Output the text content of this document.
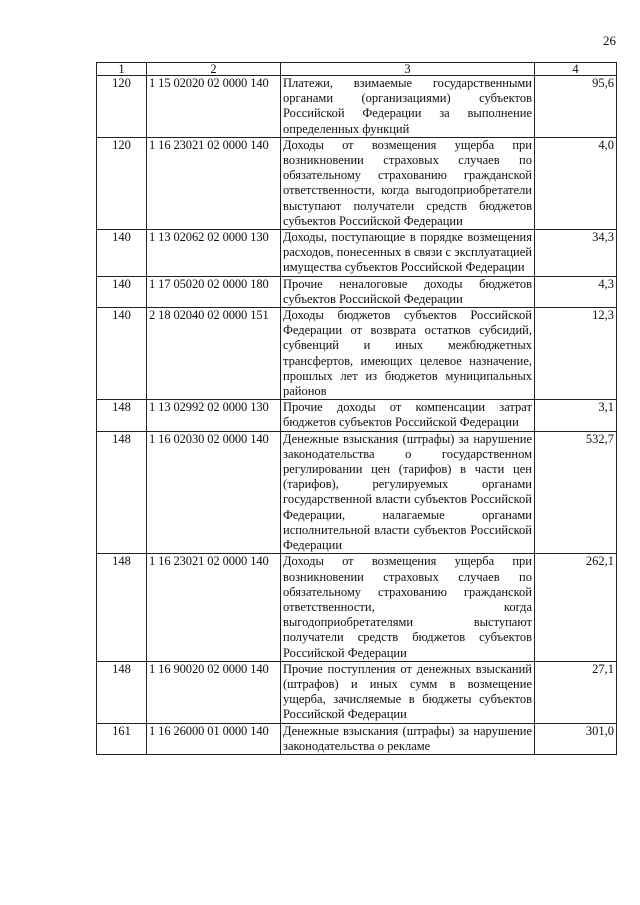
26
1	2	3	4
120	1 15 02020 02 0000 140	Платежи, взимаемые государственными органами (организациями) субъектов Российской Федерации за выполнение определенных функций	95,6
120	1 16 23021 02 0000 140	Доходы от возмещения ущерба при возникновении страховых случаев по обязательному страхованию гражданской ответственности, когда выгодоприобретатели выступают получатели средств бюджетов субъектов Российской Федерации	4,0
140	1 13 02062 02 0000 130	Доходы, поступающие в порядке возмещения расходов, понесенных в связи с эксплуатацией имущества субъектов Российской Федерации	34,3
140	1 17 05020 02 0000 180	Прочие неналоговые доходы бюджетов субъектов Российской Федерации	4,3
140	2 18 02040 02 0000 151	Доходы бюджетов субъектов Российской Федерации от возврата остатков субсидий, субвенций и иных межбюджетных трансфертов, имеющих целевое назначение, прошлых лет из бюджетов муниципальных районов	12,3
148	1 13 02992 02 0000 130	Прочие доходы от компенсации затрат бюджетов субъектов Российской Федерации	3,1
148	1 16 02030 02 0000 140	Денежные взыскания (штрафы) за нарушение законодательства о государственном регулировании цен (тарифов) в части цен (тарифов), регулируемых органами государственной власти субъектов Российской Федерации, налагаемые органами исполнительной власти субъектов Российской Федерации	532,7
148	1 16 23021 02 0000 140	Доходы от возмещения ущерба при возникновении страховых случаев по обязательному страхованию гражданской ответственности, когда выгодоприобретателями выступают получатели средств бюджетов субъектов Российской Федерации	262,1
148	1 16 90020 02 0000 140	Прочие поступления от денежных взысканий (штрафов) и иных сумм в возмещение ущерба, зачисляемые в бюджеты субъектов Российской Федерации	27,1
161	1 16 26000 01 0000 140	Денежные взыскания (штрафы) за нарушение законодательства о рекламе	301,0
